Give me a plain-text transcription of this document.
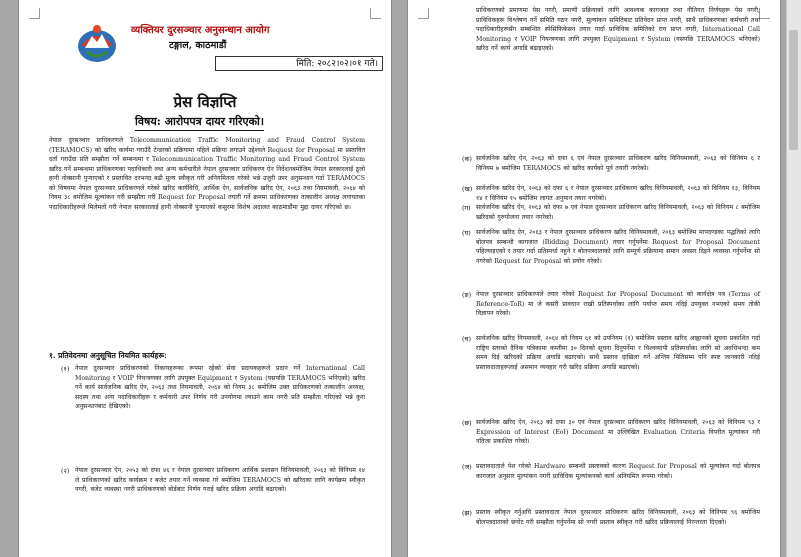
व्यक्तियर दुरसञ्चार अनुसन्धान आयोग
टङ्गाल, काठमाडौं
मिति: २०८२।०२।०१ गते।
प्रेस विज्ञप्ति
विषय: आरोपपत्र दायर गरिएको।
नेपाल दुरसञ्चार प्राधिकरणले Telecommunication Traffic Monitoring and Fraud Control System (TERAMOCS) को खरिद कार्यमा गराउँदै टेन्डरको प्रक्रियामा पहिले प्रक्रिया लगाउने उद्देश्यले Request for Proposal मा प्रस्तावित दर्ता गराउँदा प्रति सम्झौता गर्ने सम्बन्धमा र Telecommunication Traffic Monitoring and Fraud Control System खरिद गर्ने सम्बन्धमा प्राधिकरणका पदाधिकारी तथा अन्य कर्मचारीले नेपाल दुरसञ्चार प्राधिकरण ऐन निर्देशनबमोजिम नेपाल सरकारलाई ठूलो हानी नोक्सानी पुर्‍याएको र प्रस्तावित दरभन्दा बढी मूल्य स्वीकृत गरी अनियमितता गरेको भन्ने उजुरी उपर अनुसन्धान गर्दा TERAMOCS को विषयमा नेपाल दुरसञ्चार प्राधिकरणले गरेको खरिद कार्यविधि, आर्थिक ऐन, सार्वजनिक खरिद ऐन, २०६३ तथा नियमावली, २०६४ को नियम ३८ बमोजिम मूल्यांकन गरी सम्झौता गरी Request for Proposal तयारी गर्ने क्रममा प्राधिकरणका तत्कालीन अध्यक्ष लगायतका पदाधिकारीहरूले मिलेमतो गरी नेपाल सरकारलाई हानी नोक्सानी पुर्‍याएको कसुरमा विशेष अदालत काठमाडौंमा मुद्दा दायर गरिएको छ।
१. प्रतिवेदनमा अनुसूचित नियमित कार्यहरू:
(१) नेपाल दुरसञ्चार प्राधिकरणको निकायहरूका रूपमा रहेको सेवा प्रदायकहरूले प्रदान गर्ने International Call Monitoring र VOIP नियन्त्रणका लागि उपयुक्त Equipment र System (यसपछि TERAMOCS भनिएको) खरिद गर्ने कार्य सार्वजनिक खरिद ऐन, २०६३ तथा नियमावली, २०६४ को नियम ३८ बमोजिम उक्त प्राधिकरणको तत्कालीन अध्यक्ष, सदस्य तथा अन्य पदाधिकारीहरू र कर्मचारी उपर निर्णय गरी उपयोगमा ल्याउने काम नगरी प्रति सम्झौता गरिएको भन्ने कुरा अनुसन्धानबाट देखिएको।
(२) नेपाल दुरसञ्चार ऐन, २०५३ को दफा ४६ र नेपाल दुरसञ्चार प्राधिकरण आर्थिक प्रशासन विनियमावली, २०६३ को विनियम १४ ले प्राधिकरणको खरिद कार्यक्रम र बजेट तयार गर्ने व्यवस्था गरे बमोजिम TERAMOCS को खरिदका लागि कार्यक्रम स्वीकृत नगरी, बजेट व्यवस्था नगरी प्राधिकरणको बोर्डबाट निर्णय गराई खरिद प्रक्रिया अगाडि बढाएको।
प्राधिकरणको प्रमाणमा पेस नगरी, प्रमाणी प्रक्रियाको लागि आवश्यक कागजात तथा नीतिगत निर्णयहरू पेस नगरी, प्राविधिकहरू विश्लेषण गर्ने समिति गठन नगरी, मूल्यांकन समितिबाट प्रतिवेदन प्राप्त नगरी, साथै प्राधिकरणका कर्मचारी तथा पदाधिकारीहरूसँग सम्बन्धित स्पेसिफिकेसन तयार पार्दा प्राविधिक समितिको राय प्राप्त नगरी, International Call Monitoring र VOIP नियन्त्रणका लागि उपयुक्त Equipment र System (यसपछि TERAMOCS भनिएको) खरिद गर्ने कार्य अगाडि बढाइएको।
(क) सार्वजनिक खरिद ऐन, २०६३ को दफा ६ एवं नेपाल दुरसञ्चार प्राधिकरण खरिद विनियमावली, २०६३ को विनियम ६ र विनियम ७ बमोजिम TERAMOCS को खरिद कार्यको पूर्व तयारी नगरेको।
(ख) सार्वजनिक खरिद ऐन, २०६३ को दफा ६ र नेपाल दुरसञ्चार प्राधिकरण खरिद विनियमावली, २०६३ को विनियम १३, विनियम १४ र विनियम १५ बमोजिम लागत अनुमान तयार नगरेको।
(ग) सार्वजनिक खरिद ऐन, २०६३ को दफा ७ एवं नेपाल दुरसञ्चार प्राधिकरण खरिद विनियमावली, २०६३ को विनियम ८ बमोजिम खरिदको गुरुयोजना तयार नगरेको।
(घ) सार्वजनिक खरिद ऐन, २०६३ र नेपाल दुरसञ्चार प्राधिकरण खरिद विनियमावली, २०६३ बमोजिम मापदण्डका पद्धतिको लागि बोलपत्र सम्बन्धी कागजात (Bidding Document) तयार गर्नुपर्नेमा Request for Proposal Document पहिल्याइएको र तयार गर्दा प्रतिस्पर्धा नहुने र बोलपत्रदाताको लागि सम्पूर्ण प्रक्रियामा समान अवसर दिइने व्यवस्था गर्नुपर्नेमा सो नगरेको Request for Proposal को प्रयोग गरेको।
(ङ) नेपाल दुरसञ्चार प्राधिकरणले तयार गरेको Request for Proposal Document को कार्यक्षेत्र पत्र (Terms of Reference-ToR) मा जे कसरी प्रावधान राखी प्रतिस्पर्धाका लागि पर्याप्त समय नदिई उपयुक्त नभएको समय तोकी विज्ञापन गरेको।
(च) सार्वजनिक खरिद नियमावली, २०६४ को नियम ६१ को उपनियम (१) बमोजिम प्रस्ताव खरिद आह्वानको सूचना प्रकाशित गर्दा राष्ट्रिय स्तरको दैनिक पत्रिकामा कम्तीमा ३० दिनको सूचना दिनुपर्नेमा र विश्वव्यापी प्रतिस्पर्धाका लागि सो अवधिभन्दा कम समय दिई खरिदको प्रक्रिया अगाडि बढाएको। साथै प्रस्ताव दाखिला गर्ने अन्तिम मितिसम्म पनि स्पष्ट जानकारी नदिई प्रस्तावदाताहरूलाई असमान व्यवहार गरी खरिद प्रक्रिया अगाडि बढाएको।
(छ) सार्वजनिक खरिद ऐन, २०६३ को दफा ३० एवं नेपाल दुरसञ्चार प्राधिकरण खरिद विनियमावली, २०६३ को विनियम ९३ र Expression of Interest (EoI) Document मा उल्लिखित Evaluation Criteria विपरीत मूल्यांकन गरी नतिजा प्रकाशित गरेको।
(ज) प्रस्तावदाताले पेश गरेको Hardware सम्बन्धी प्रस्तावको कारण Request for Proposal को मूल्यांकन गर्दा बोलपत्र कागजात अनुसार मूल्यांकन नगरी प्राविधिक मूल्यांकनको कार्य अनियमित रूपमा गरेको।
(झ) प्रस्ताव स्वीकृत गर्नुअघि प्रस्तावदाता नेपाल दुरसञ्चार प्राधिकरण खरिद विनियमावली, २०६३ को विनियम ९६ बमोजिम बोलपत्रदाताको छनोट गरी सम्झौता गर्नुपर्नेमा सो नगरी प्रस्ताव स्वीकृत गरी खरिद प्रक्रियालाई निरन्तरता दिएको।
